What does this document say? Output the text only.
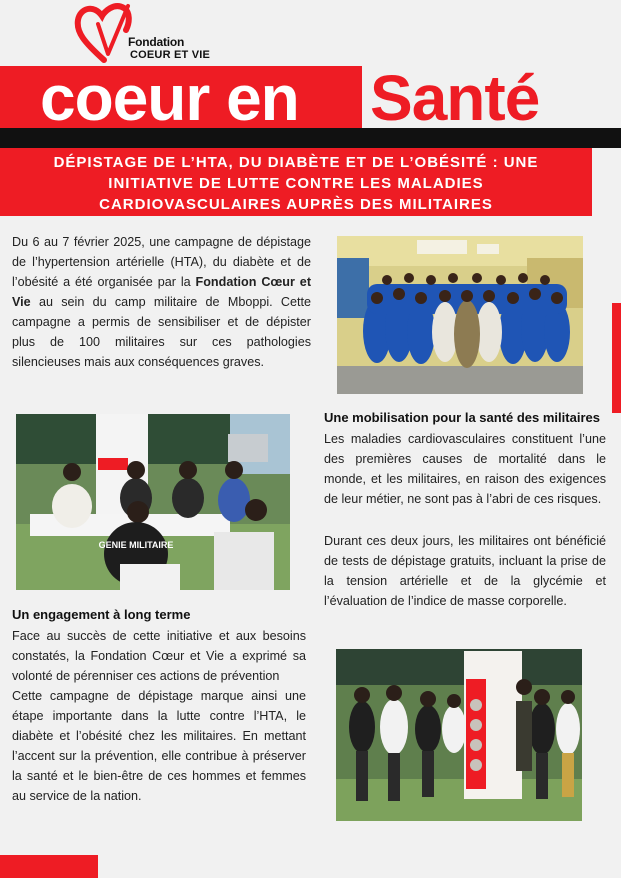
Fondation
COEUR ET VIE
coeur en Santé
DÉPISTAGE DE L’HTA, DU DIABÈTE ET DE L’OBÉSITÉ : UNE
INITIATIVE DE LUTTE CONTRE LES MALADIES
CARDIOVASCULAIRES AUPRÈS DES MILITAIRES

Du 6 au 7 février 2025, une campagne de dépistage de l’hypertension artérielle (HTA), du diabète et de l’obésité a été organisée par la Fondation Cœur et Vie au sein du camp militaire de Mboppi. Cette campagne a permis de sensibiliser et de dépister plus de 100 militaires sur ces pathologies silencieuses mais aux conséquences graves.

GENIE MILITAIRE
Une mobilisation pour la santé des militaires

Les maladies cardiovasculaires constituent l’une des premières causes de mortalité dans le monde, et les militaires, en raison des exigences de leur métier, ne sont pas à l’abri de ces risques.

Durant ces deux jours, les militaires ont bénéficié de tests de dépistage gratuits, incluant la prise de la tension artérielle et de la glycémie et l’évaluation de l’indice de masse corporelle.

Un engagement à long terme

Face au succès de cette initiative et aux besoins constatés, la Fondation Cœur et Vie a exprimé sa volonté de pérenniser ces actions de prévention

Cette campagne de dépistage marque ainsi une étape importante dans la lutte contre l’HTA, le diabète et l’obésité chez les militaires. En mettant l’accent sur la prévention, elle contribue à préserver la santé et le bien-être de ces hommes et femmes au service de la nation.
